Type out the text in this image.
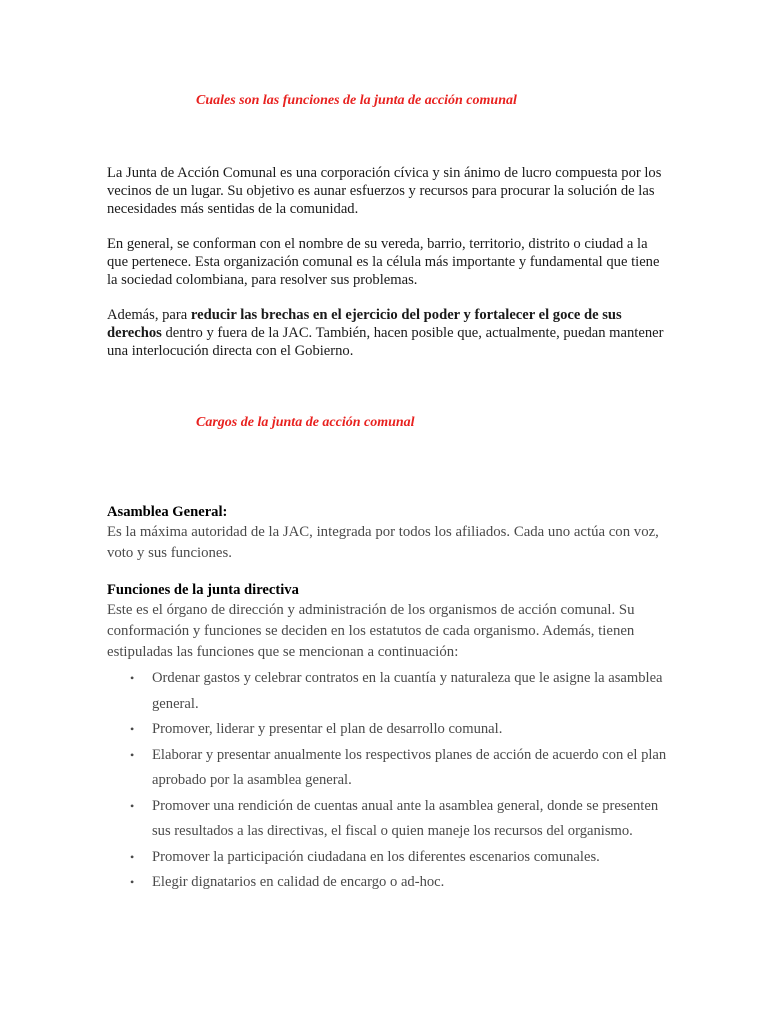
Cuales son las funciones de la junta de acción comunal

La Junta de Acción Comunal es una corporación cívica y sin ánimo de lucro compuesta por los vecinos de un lugar. Su objetivo es aunar esfuerzos y recursos para procurar la solución de las necesidades más sentidas de la comunidad.

En general, se conforman con el nombre de su vereda, barrio, territorio, distrito o ciudad a la que pertenece. Esta organización comunal es la célula más importante y fundamental que tiene la sociedad colombiana, para resolver sus problemas.

Además, para reducir las brechas en el ejercicio del poder y fortalecer el goce de sus derechos dentro y fuera de la JAC. También, hacen posible que, actualmente, puedan mantener una interlocución directa con el Gobierno.

Cargos de la junta de acción comunal

Asamblea General:
Es la máxima autoridad de la JAC, integrada por todos los afiliados. Cada uno actúa con voz, voto y sus funciones.
Funciones de la junta directiva
Este es el órgano de dirección y administración de los organismos de acción comunal. Su conformación y funciones se deciden en los estatutos de cada organismo. Además, tienen estipuladas las funciones que se mencionan a continuación:
• Ordenar gastos y celebrar contratos en la cuantía y naturaleza que le asigne la asamblea general.
• Promover, liderar y presentar el plan de desarrollo comunal.
• Elaborar y presentar anualmente los respectivos planes de acción de acuerdo con el plan aprobado por la asamblea general.
• Promover una rendición de cuentas anual ante la asamblea general, donde se presenten sus resultados a las directivas, el fiscal o quien maneje los recursos del organismo.
• Promover la participación ciudadana en los diferentes escenarios comunales.
• Elegir dignatarios en calidad de encargo o ad-hoc.
